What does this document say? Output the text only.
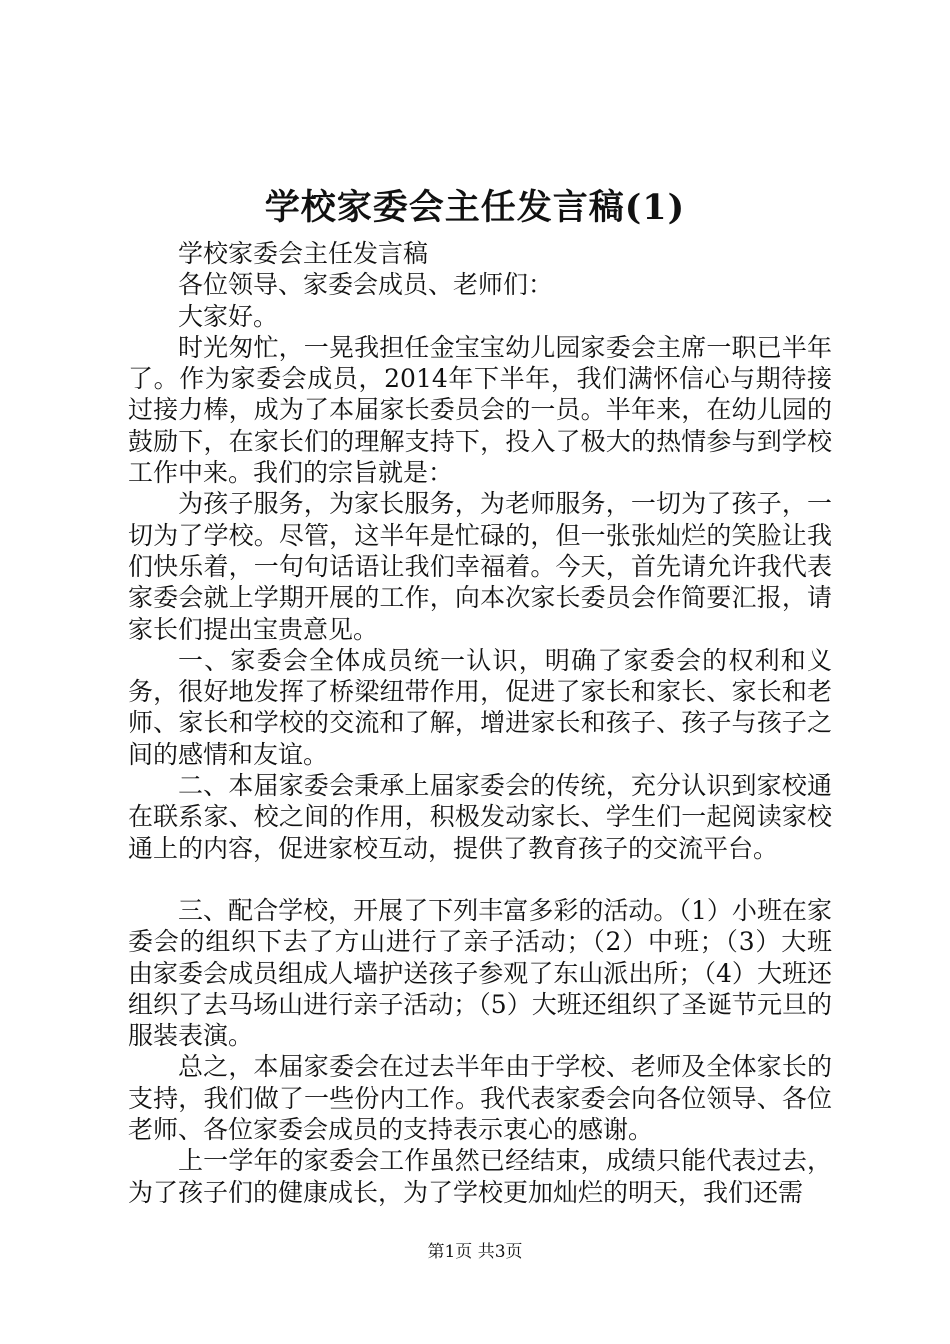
学校家委会主任发言稿(1)

学校家委会主任发言稿

各位领导、家委会成员、老师们：

大家好。

时光匆忙，一晃我担任金宝宝幼儿园家委会主席一职已半年了。作为家委会成员，2014年下半年，我们满怀信心与期待接过接力棒，成为了本届家长委员会的一员。半年来，在幼儿园的鼓励下，在家长们的理解支持下，投入了极大的热情参与到学校工作中来。我们的宗旨就是：

为孩子服务，为家长服务，为老师服务，一切为了孩子，一切为了学校。尽管，这半年是忙碌的，但一张张灿烂的笑脸让我们快乐着，一句句话语让我们幸福着。今天，首先请允许我代表家委会就上学期开展的工作，向本次家长委员会作简要汇报，请家长们提出宝贵意见。

一、家委会全体成员统一认识，明确了家委会的权利和义务，很好地发挥了桥梁纽带作用，促进了家长和家长、家长和老师、家长和学校的交流和了解，增进家长和孩子、孩子与孩子之间的感情和友谊。

二、本届家委会秉承上届家委会的传统，充分认识到家校通在联系家、校之间的作用，积极发动家长、学生们一起阅读家校通上的内容，促进家校互动，提供了教育孩子的交流平台。

三、配合学校，开展了下列丰富多彩的活动。（1）小班在家委会的组织下去了方山进行了亲子活动；（2）中班；（3）大班由家委会成员组成人墙护送孩子参观了东山派出所；（4）大班还组织了去马场山进行亲子活动；（5）大班还组织了圣诞节元旦的服装表演。

总之，本届家委会在过去半年由于学校、老师及全体家长的支持，我们做了一些份内工作。我代表家委会向各位领导、各位老师、各位家委会成员的支持表示衷心的感谢。

上一学年的家委会工作虽然已经结束，成绩只能代表过去，为了孩子们的健康成长，为了学校更加灿烂的明天，我们还需

第1页 共3页
